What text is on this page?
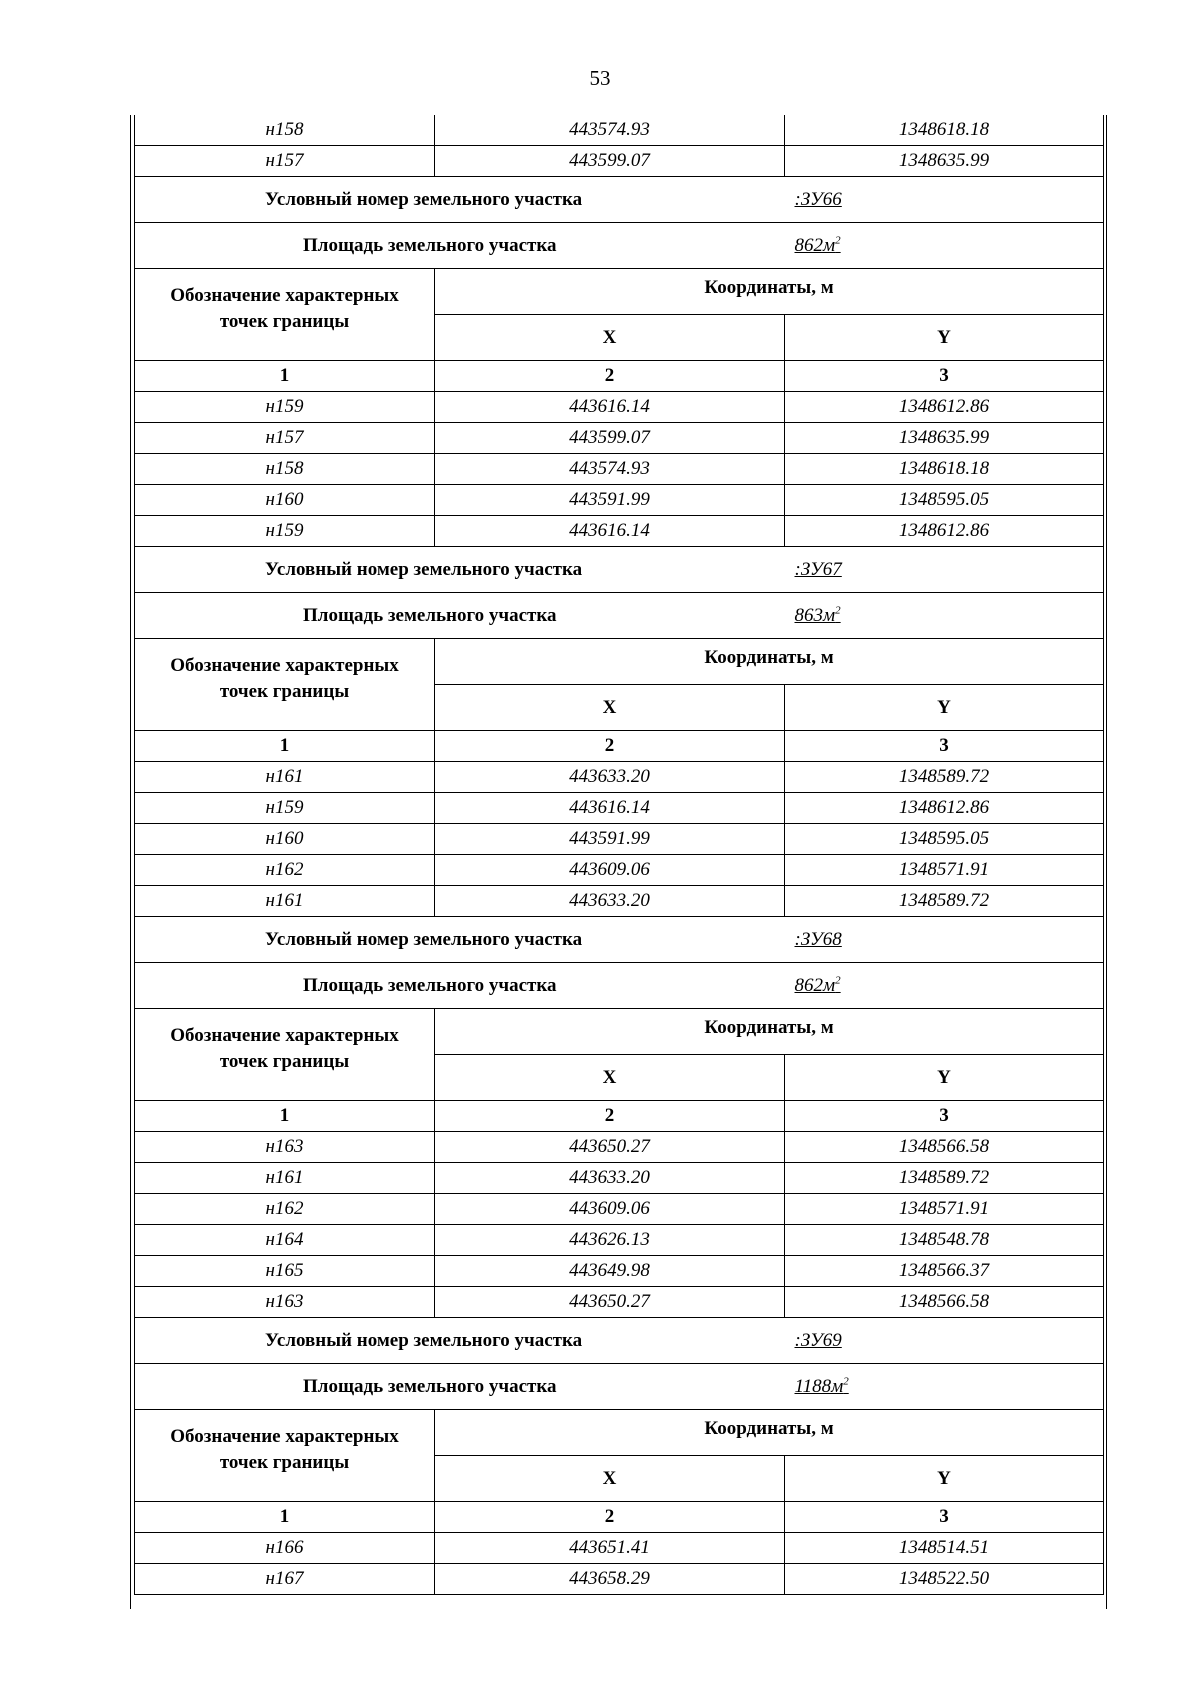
53
н158	443574.93	1348618.18
н157	443599.07	1348635.99
Условный номер земельного участка		:ЗУ66
Площадь земельного участка		$862м^2$

Обозначение характерных точек границы	Координаты, м	
	X	Y
1	2	3
н159	443616.14	1348612.86
н157	443599.07	1348635.99
н158	443574.93	1348618.18
н160	443591.99	1348595.05
н159	443616.14	1348612.86
Условный номер земельного участка		:ЗУ67
Площадь земельного участка		$863м^2$

Обозначение характерных точек границы	Координаты, м	
	X	Y
1	2	3
н161	443633.20	1348589.72
н159	443616.14	1348612.86
н160	443591.99	1348595.05
н162	443609.06	1348571.91
н161	443633.20	1348589.72
Условный номер земельного участка		:ЗУ68
Площадь земельного участка		$862м^2$

Обозначение характерных точек границы	Координаты, м	
	X	Y
1	2	3
н163	443650.27	1348566.58
н161	443633.20	1348589.72
н162	443609.06	1348571.91
н164	443626.13	1348548.78
н165	443649.98	1348566.37
н163	443650.27	1348566.58
Условный номер земельного участка		:ЗУ69
Площадь земельного участка		$1188м^2$

Обозначение характерных точек границы	Координаты, м	
	X	Y
1	2	3
н166	443651.41	1348514.51
н167	443658.29	1348522.50
